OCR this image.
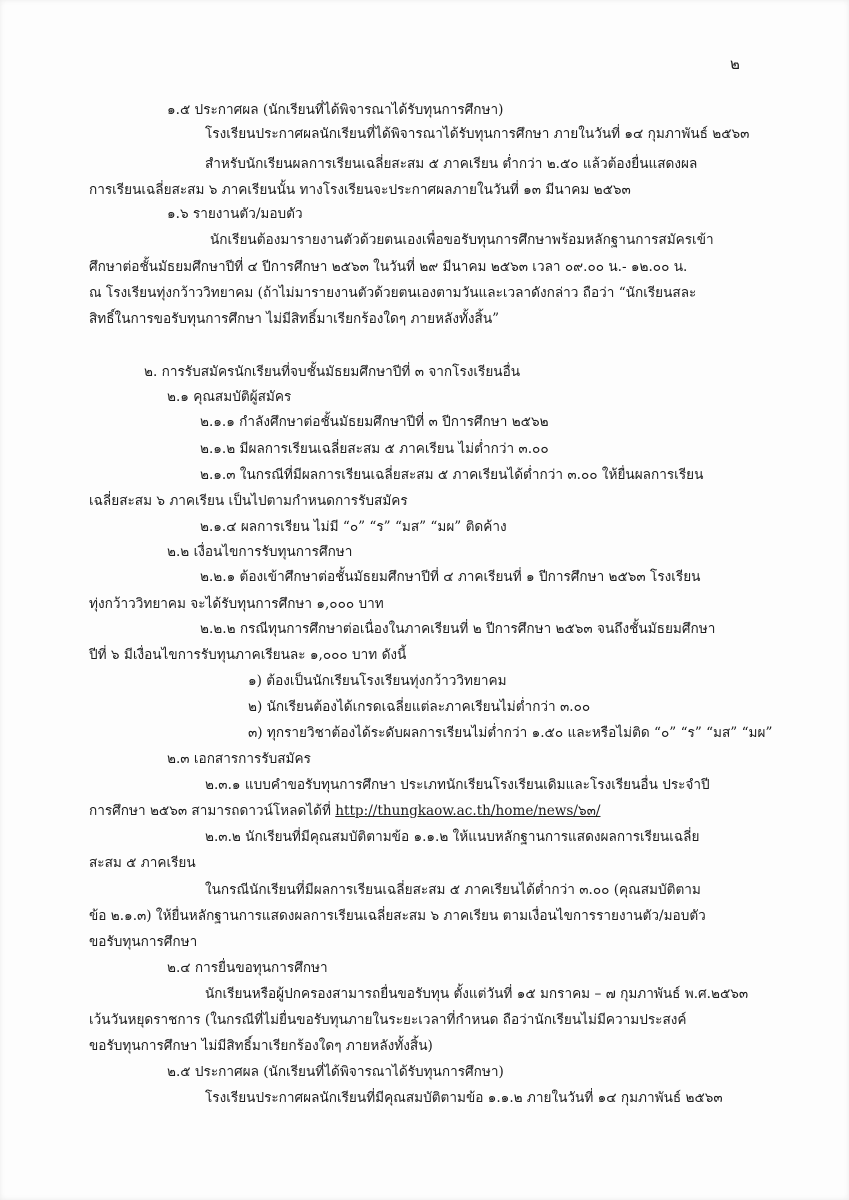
๒
๑.๕ ประกาศผล (นักเรียนที่ได้พิจารณาได้รับทุนการศึกษา)
โรงเรียนประกาศผลนักเรียนที่ได้พิจารณาได้รับทุนการศึกษา ภายในวันที่ ๑๔ กุมภาพันธ์ ๒๕๖๓
สำหรับนักเรียนผลการเรียนเฉลี่ยสะสม ๕ ภาคเรียน ต่ำกว่า ๒.๕๐ แล้วต้องยื่นแสดงผล
การเรียนเฉลี่ยสะสม ๖ ภาคเรียนนั้น ทางโรงเรียนจะประกาศผลภายในวันที่ ๑๓ มีนาคม ๒๕๖๓
๑.๖ รายงานตัว/มอบตัว
นักเรียนต้องมารายงานตัวด้วยตนเองเพื่อขอรับทุนการศึกษาพร้อมหลักฐานการสมัครเข้า
ศึกษาต่อชั้นมัธยมศึกษาปีที่ ๔ ปีการศึกษา ๒๕๖๓ ในวันที่ ๒๙ มีนาคม ๒๕๖๓ เวลา ๐๙.๐๐ น.- ๑๒.๐๐ น.
ณ โรงเรียนทุ่งกว้าววิทยาคม (ถ้าไม่มารายงานตัวด้วยตนเองตามวันและเวลาดังกล่าว ถือว่า “นักเรียนสละ
สิทธิ์ในการขอรับทุนการศึกษา ไม่มีสิทธิ์มาเรียกร้องใดๆ ภายหลังทั้งสิ้น”
๒. การรับสมัครนักเรียนที่จบชั้นมัธยมศึกษาปีที่ ๓ จากโรงเรียนอื่น
๒.๑ คุณสมบัติผู้สมัคร
๒.๑.๑ กำลังศึกษาต่อชั้นมัธยมศึกษาปีที่ ๓ ปีการศึกษา ๒๕๖๒
๒.๑.๒ มีผลการเรียนเฉลี่ยสะสม ๕ ภาคเรียน ไม่ต่ำกว่า ๓.๐๐
๒.๑.๓ ในกรณีที่มีผลการเรียนเฉลี่ยสะสม ๕ ภาคเรียนได้ต่ำกว่า ๓.๐๐ ให้ยื่นผลการเรียน
เฉลี่ยสะสม ๖ ภาคเรียน เป็นไปตามกำหนดการรับสมัคร
๒.๑.๔ ผลการเรียน ไม่มี “๐” “ร” “มส” “มผ” ติดค้าง
๒.๒ เงื่อนไขการรับทุนการศึกษา
๒.๒.๑ ต้องเข้าศึกษาต่อชั้นมัธยมศึกษาปีที่ ๔ ภาคเรียนที่ ๑ ปีการศึกษา ๒๕๖๓ โรงเรียน
ทุ่งกว้าววิทยาคม จะได้รับทุนการศึกษา ๑,๐๐๐ บาท
๒.๒.๒ กรณีทุนการศึกษาต่อเนื่องในภาคเรียนที่ ๒ ปีการศึกษา ๒๕๖๓ จนถึงชั้นมัธยมศึกษา
ปีที่ ๖ มีเงื่อนไขการรับทุนภาคเรียนละ ๑,๐๐๐ บาท ดังนี้
๑) ต้องเป็นนักเรียนโรงเรียนทุ่งกว้าววิทยาคม
๒) นักเรียนต้องได้เกรดเฉลี่ยแต่ละภาคเรียนไม่ต่ำกว่า ๓.๐๐
๓) ทุกรายวิชาต้องได้ระดับผลการเรียนไม่ต่ำกว่า ๑.๕๐ และหรือไม่ติด “๐” “ร” “มส” “มผ”
๒.๓ เอกสารการรับสมัคร
๒.๓.๑ แบบคำขอรับทุนการศึกษา ประเภทนักเรียนโรงเรียนเดิมและโรงเรียนอื่น ประจำปี
การศึกษา ๒๕๖๓ สามารถดาวน์โหลดได้ที่ http://thungkaow.ac.th/home/news/๖๓/
๒.๓.๒ นักเรียนที่มีคุณสมบัติตามข้อ ๑.๑.๒ ให้แนบหลักฐานการแสดงผลการเรียนเฉลี่ย
สะสม ๕ ภาคเรียน
ในกรณีนักเรียนที่มีผลการเรียนเฉลี่ยสะสม ๕ ภาคเรียนได้ต่ำกว่า ๓.๐๐ (คุณสมบัติตาม
ข้อ ๒.๑.๓) ให้ยื่นหลักฐานการแสดงผลการเรียนเฉลี่ยสะสม ๖ ภาคเรียน ตามเงื่อนไขการรายงานตัว/มอบตัว
ขอรับทุนการศึกษา
๒.๔ การยื่นขอทุนการศึกษา
นักเรียนหรือผู้ปกครองสามารถยื่นขอรับทุน ตั้งแต่วันที่ ๑๕ มกราคม – ๗ กุมภาพันธ์ พ.ศ.๒๕๖๓
เว้นวันหยุดราชการ (ในกรณีที่ไม่ยื่นขอรับทุนภายในระยะเวลาที่กำหนด ถือว่านักเรียนไม่มีความประสงค์
ขอรับทุนการศึกษา ไม่มีสิทธิ์มาเรียกร้องใดๆ ภายหลังทั้งสิ้น)
๒.๕ ประกาศผล (นักเรียนที่ได้พิจารณาได้รับทุนการศึกษา)
โรงเรียนประกาศผลนักเรียนที่มีคุณสมบัติตามข้อ ๑.๑.๒ ภายในวันที่ ๑๔ กุมภาพันธ์ ๒๕๖๓
